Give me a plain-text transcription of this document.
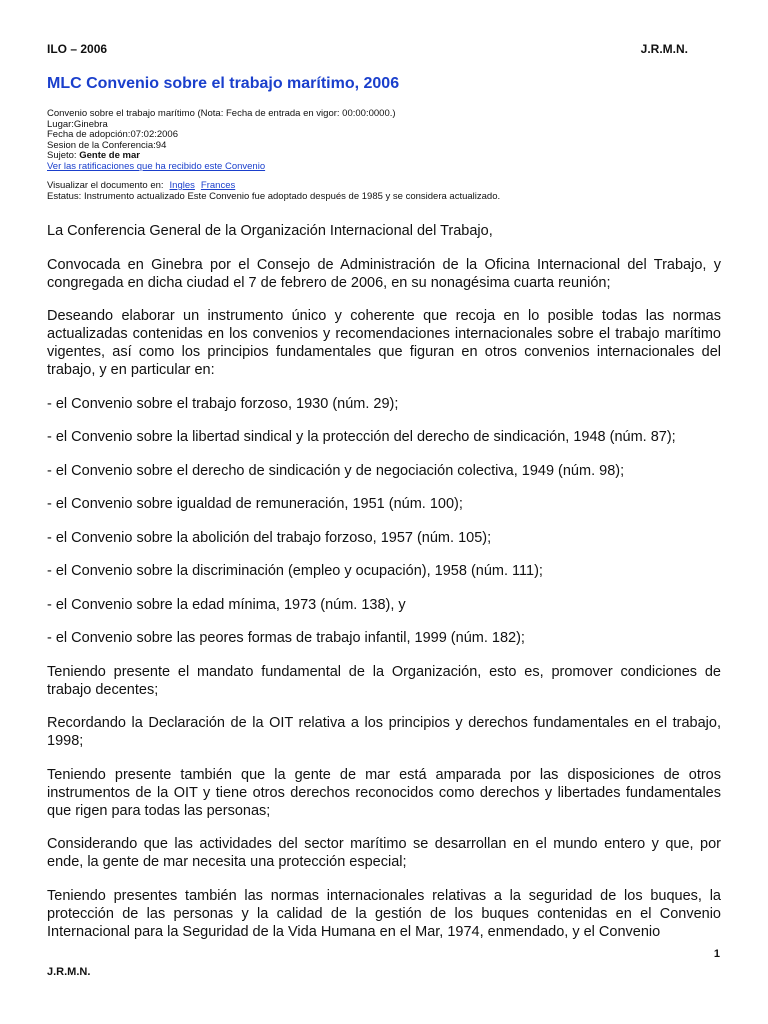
ILO – 2006	J.R.M.N.
MLC Convenio sobre el trabajo marítimo, 2006
Convenio sobre el trabajo marítimo (Nota: Fecha de entrada en vigor: 00:00:0000.)
Lugar:Ginebra
Fecha de adopción:07:02:2006
Sesion de la Conferencia:94
Sujeto: Gente de mar
Ver las ratificaciones que ha recibido este Convenio
Visualizar el documento en: Ingles Frances
Estatus: Instrumento actualizado Este Convenio fue adoptado después de 1985 y se considera actualizado.

La Conferencia General de la Organización Internacional del Trabajo,

Convocada en Ginebra por el Consejo de Administración de la Oficina Internacional del Trabajo, y congregada en dicha ciudad el 7 de febrero de 2006, en su nonagésima cuarta reunión;

Deseando elaborar un instrumento único y coherente que recoja en lo posible todas las normas actualizadas contenidas en los convenios y recomendaciones internacionales sobre el trabajo marítimo vigentes, así como los principios fundamentales que figuran en otros convenios internacionales del trabajo, y en particular en:

- el Convenio sobre el trabajo forzoso, 1930 (núm. 29);

- el Convenio sobre la libertad sindical y la protección del derecho de sindicación, 1948 (núm. 87);

- el Convenio sobre el derecho de sindicación y de negociación colectiva, 1949 (núm. 98);

- el Convenio sobre igualdad de remuneración, 1951 (núm. 100);

- el Convenio sobre la abolición del trabajo forzoso, 1957 (núm. 105);

- el Convenio sobre la discriminación (empleo y ocupación), 1958 (núm. 111);

- el Convenio sobre la edad mínima, 1973 (núm. 138), y

- el Convenio sobre las peores formas de trabajo infantil, 1999 (núm. 182);

Teniendo presente el mandato fundamental de la Organización, esto es, promover condiciones de trabajo decentes;

Recordando la Declaración de la OIT relativa a los principios y derechos fundamentales en el trabajo, 1998;

Teniendo presente también que la gente de mar está amparada por las disposiciones de otros instrumentos de la OIT y tiene otros derechos reconocidos como derechos y libertades fundamentales que rigen para todas las personas;

Considerando que las actividades del sector marítimo se desarrollan en el mundo entero y que, por ende, la gente de mar necesita una protección especial;

Teniendo presentes también las normas internacionales relativas a la seguridad de los buques, la protección de las personas y la calidad de la gestión de los buques contenidas en el Convenio Internacional para la Seguridad de la Vida Humana en el Mar, 1974, enmendado, y el Convenio

1
J.R.M.N.
